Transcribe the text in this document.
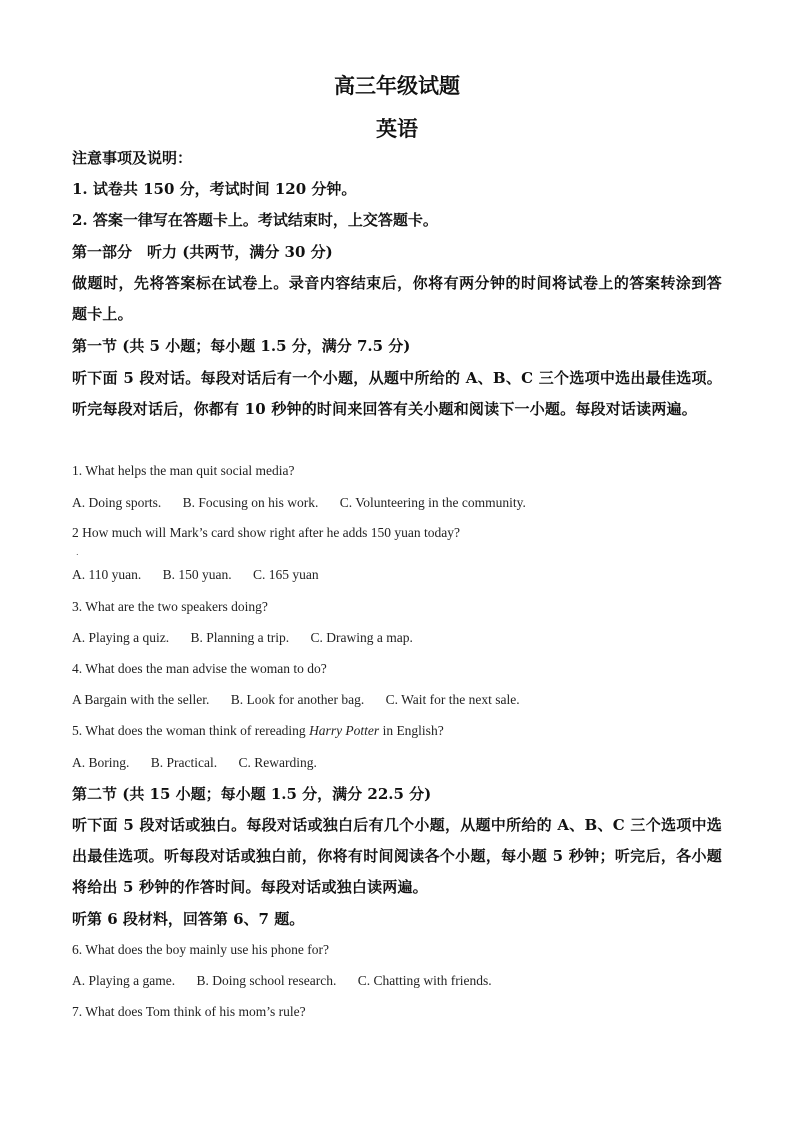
高三年级试题
英语
注意事项及说明：
1. 试卷共 150 分，考试时间 120 分钟。
2. 答案一律写在答题卡上。考试结束时，上交答题卡。
第一部分　听力 (共两节，满分 30 分)
做题时，先将答案标在试卷上。录音内容结束后，你将有两分钟的时间将试卷上的答案转涂到答题卡上。
第一节 (共 5 小题；每小题 1.5 分，满分 7.5 分)
听下面 5 段对话。每段对话后有一个小题，从题中所给的 A、B、C 三个选项中选出最佳选项。听完每段对话后，你都有 10 秒钟的时间来回答有关小题和阅读下一小题。每段对话读两遍。
1. What helps the man quit social media?
A. Doing sports. B. Focusing on his work. C. Volunteering in the community.
2 How much will Mark’s card show right after he adds 150 yuan today?
.
A. 110 yuan. B. 150 yuan. C. 165 yuan
3. What are the two speakers doing?
A. Playing a quiz. B. Planning a trip. C. Drawing a map.
4. What does the man advise the woman to do?
A Bargain with the seller. B. Look for another bag. C. Wait for the next sale.
5. What does the woman think of rereading Harry Potter in English?
A. Boring. B. Practical. C. Rewarding.
第二节 (共 15 小题；每小题 1.5 分，满分 22.5 分)
听下面 5 段对话或独白。每段对话或独白后有几个小题，从题中所给的 A、B、C 三个选项中选出最佳选项。听每段对话或独白前，你将有时间阅读各个小题，每小题 5 秒钟；听完后，各小题将给出 5 秒钟的作答时间。每段对话或独白读两遍。
听第 6 段材料，回答第 6、7 题。
6. What does the boy mainly use his phone for?
A. Playing a game. B. Doing school research. C. Chatting with friends.
7. What does Tom think of his mom’s rule?
